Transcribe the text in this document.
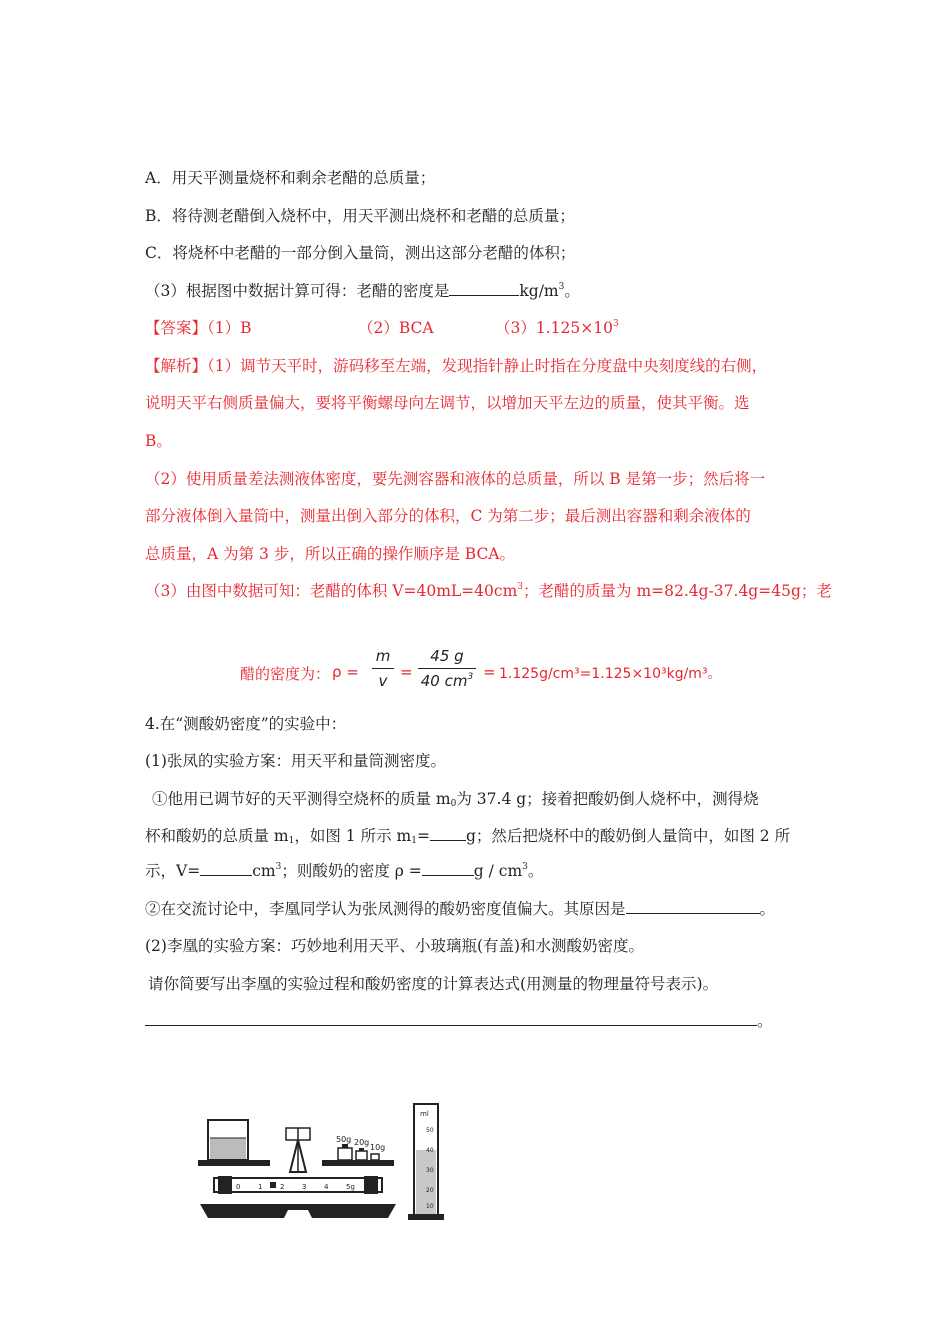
A．用天平测量烧杯和剩余老醋的总质量；
B．将待测老醋倒入烧杯中，用天平测出烧杯和老醋的总质量；
C．将烧杯中老醋的一部分倒入量筒，测出这部分老醋的体积；
（3）根据图中数据计算可得：老醋的密度是	$kg/m^3$。
【答案】（1）B	（2）BCA	$(3)1.125\times 10^3$
【解析】（1）调节天平时，游码移至左端，发现指针静止时指在分度盘中央刻度线的右侧，
说明天平右侧质量偏大，要将平衡螺母向左调节，以增加天平左边的质量，使其平衡。选
B。
（2）使用质量差法测液体密度，要先测容器和液体的总质量，所以 B 是第一步；然后将一
部分液体倒入量筒中，测量出倒入部分的体积，C 为第二步；最后测出容器和剩余液体的
总质量，A 为第 3 步，所以正确的操作顺序是 BCA。
（3）由图中数据可知：老醋的体积 $V=40mL=40cm^3$；老醋的质量为 m=82.4g-37.4g=45g；老
醋的密度为： ρ =
m
v =
45 g
40 $cm^3 = 1.125g/cm^3=1.125\times 10^3kg/m^3$。
4.在“测酸奶密度”的实验中：
(1)张凤的实验方案：用天平和量筒测密度。
①他用已调节好的天平测得空烧杯的质量 $m_0$为 37.4 g；接着把酸奶倒人烧杯中，测得烧
杯和酸奶的总质量 $m_1$，如图 1 所示 $m_1= g$；然后把烧杯中的酸奶倒人量筒中，如图 2 所
示，V=	$cm^3$；则酸奶的密度 ρ =	g / $cm^3$。
②在交流讨论中，李凰同学认为张凤测得的酸奶密度值偏大。其原因是	。
(2)李凰的实验方案：巧妙地利用天平、小玻璃瓶(有盖)和水测酸奶密度。
请你简要写出李凰的实验过程和酸奶密度的计算表达式(用测量的物理量符号表示)。
。
50g 20g
10g
0	1	2	3	4	5g
ml
50
40
30
20
10
